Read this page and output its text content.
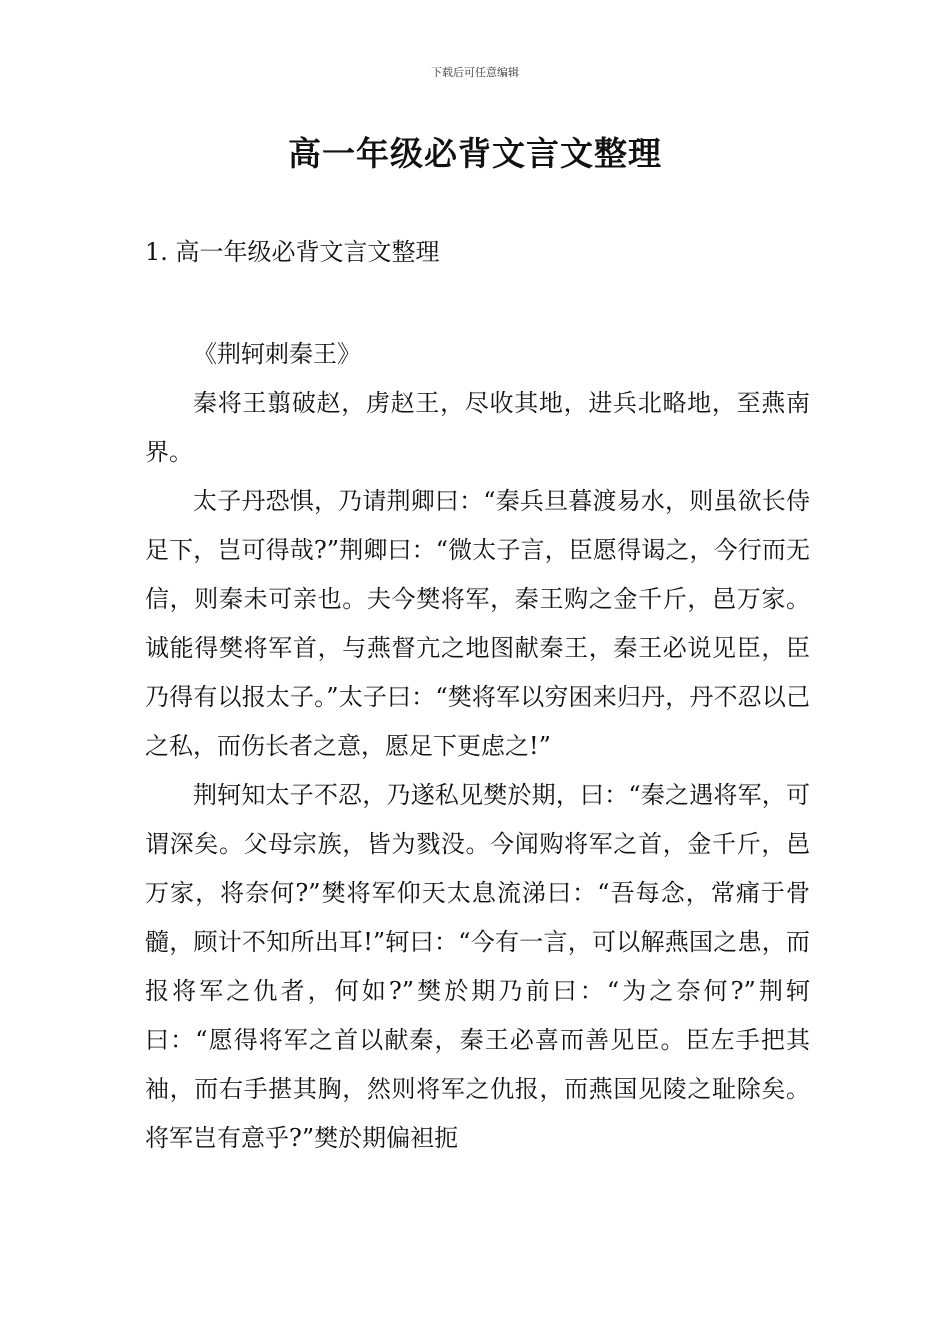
下载后可任意编辑
高一年级必背文言文整理
1. 高一年级必背文言文整理

《荆轲刺秦王》

秦将王翦破赵，虏赵王，尽收其地，进兵北略地，至燕南界。

太子丹恐惧，乃请荆卿曰：“秦兵旦暮渡易水，则虽欲长侍足下，岂可得哉?”荆卿曰：“微太子言，臣愿得谒之，今行而无信，则秦未可亲也。夫今樊将军，秦王购之金千斤，邑万家。诚能得樊将军首，与燕督亢之地图献秦王，秦王必说见臣，臣乃得有以报太子。”太子曰：“樊将军以穷困来归丹，丹不忍以己之私，而伤长者之意，愿足下更虑之!”

荆轲知太子不忍，乃遂私见樊於期，曰：“秦之遇将军，可谓深矣。父母宗族，皆为戮没。今闻购将军之首，金千斤，邑万家，将奈何?”樊将军仰天太息流涕曰：“吾每念，常痛于骨髓，顾计不知所出耳!”轲曰：“今有一言，可以解燕国之患，而报将军之仇者，何如?”樊於期乃前曰：“为之奈何?”荆轲曰：“愿得将军之首以献秦，秦王必喜而善见臣。臣左手把其袖，而右手揕其胸，然则将军之仇报，而燕国见陵之耻除矣。将军岂有意乎?”樊於期偏袒扼
